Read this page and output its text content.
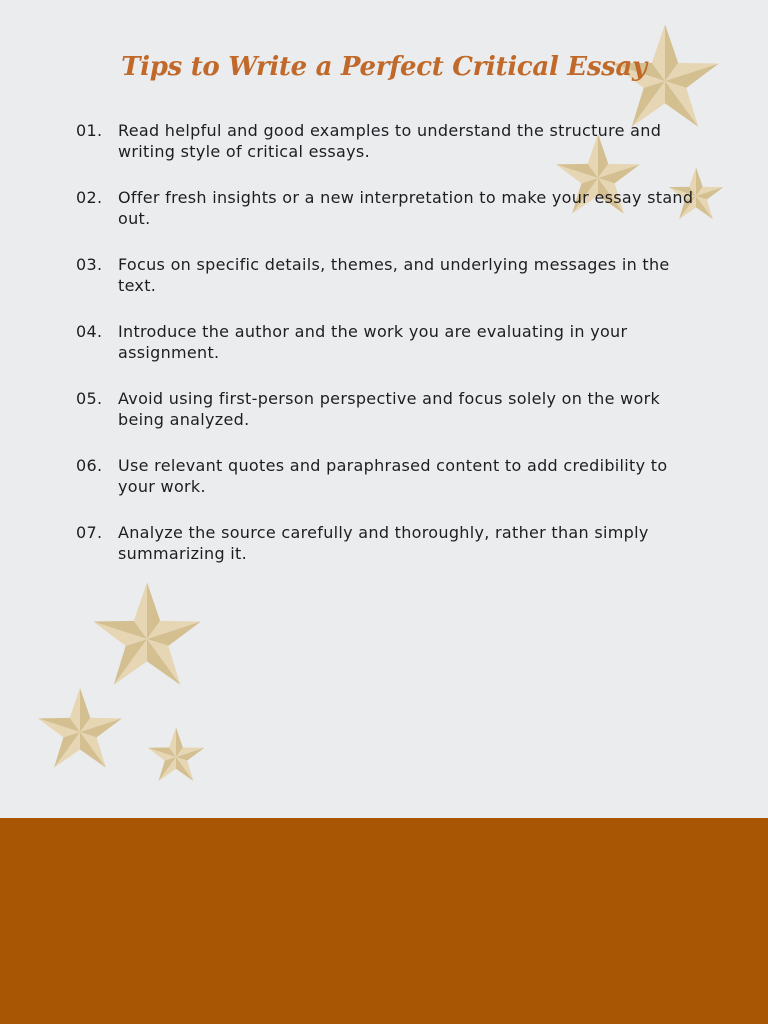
Tips to Write a Perfect Critical Essay
01. Read helpful and good examples to understand the structure and writing style of critical essays.
02. Offer fresh insights or a new interpretation to make your essay stand out.
03. Focus on specific details, themes, and underlying messages in the text.
04. Introduce the author and the work you are evaluating in your assignment.
05. Avoid using first-person perspective and focus solely on the work being analyzed.
06. Use relevant quotes and paraphrased content to add credibility to your work.
07. Analyze the source carefully and thoroughly, rather than simply summarizing it.
